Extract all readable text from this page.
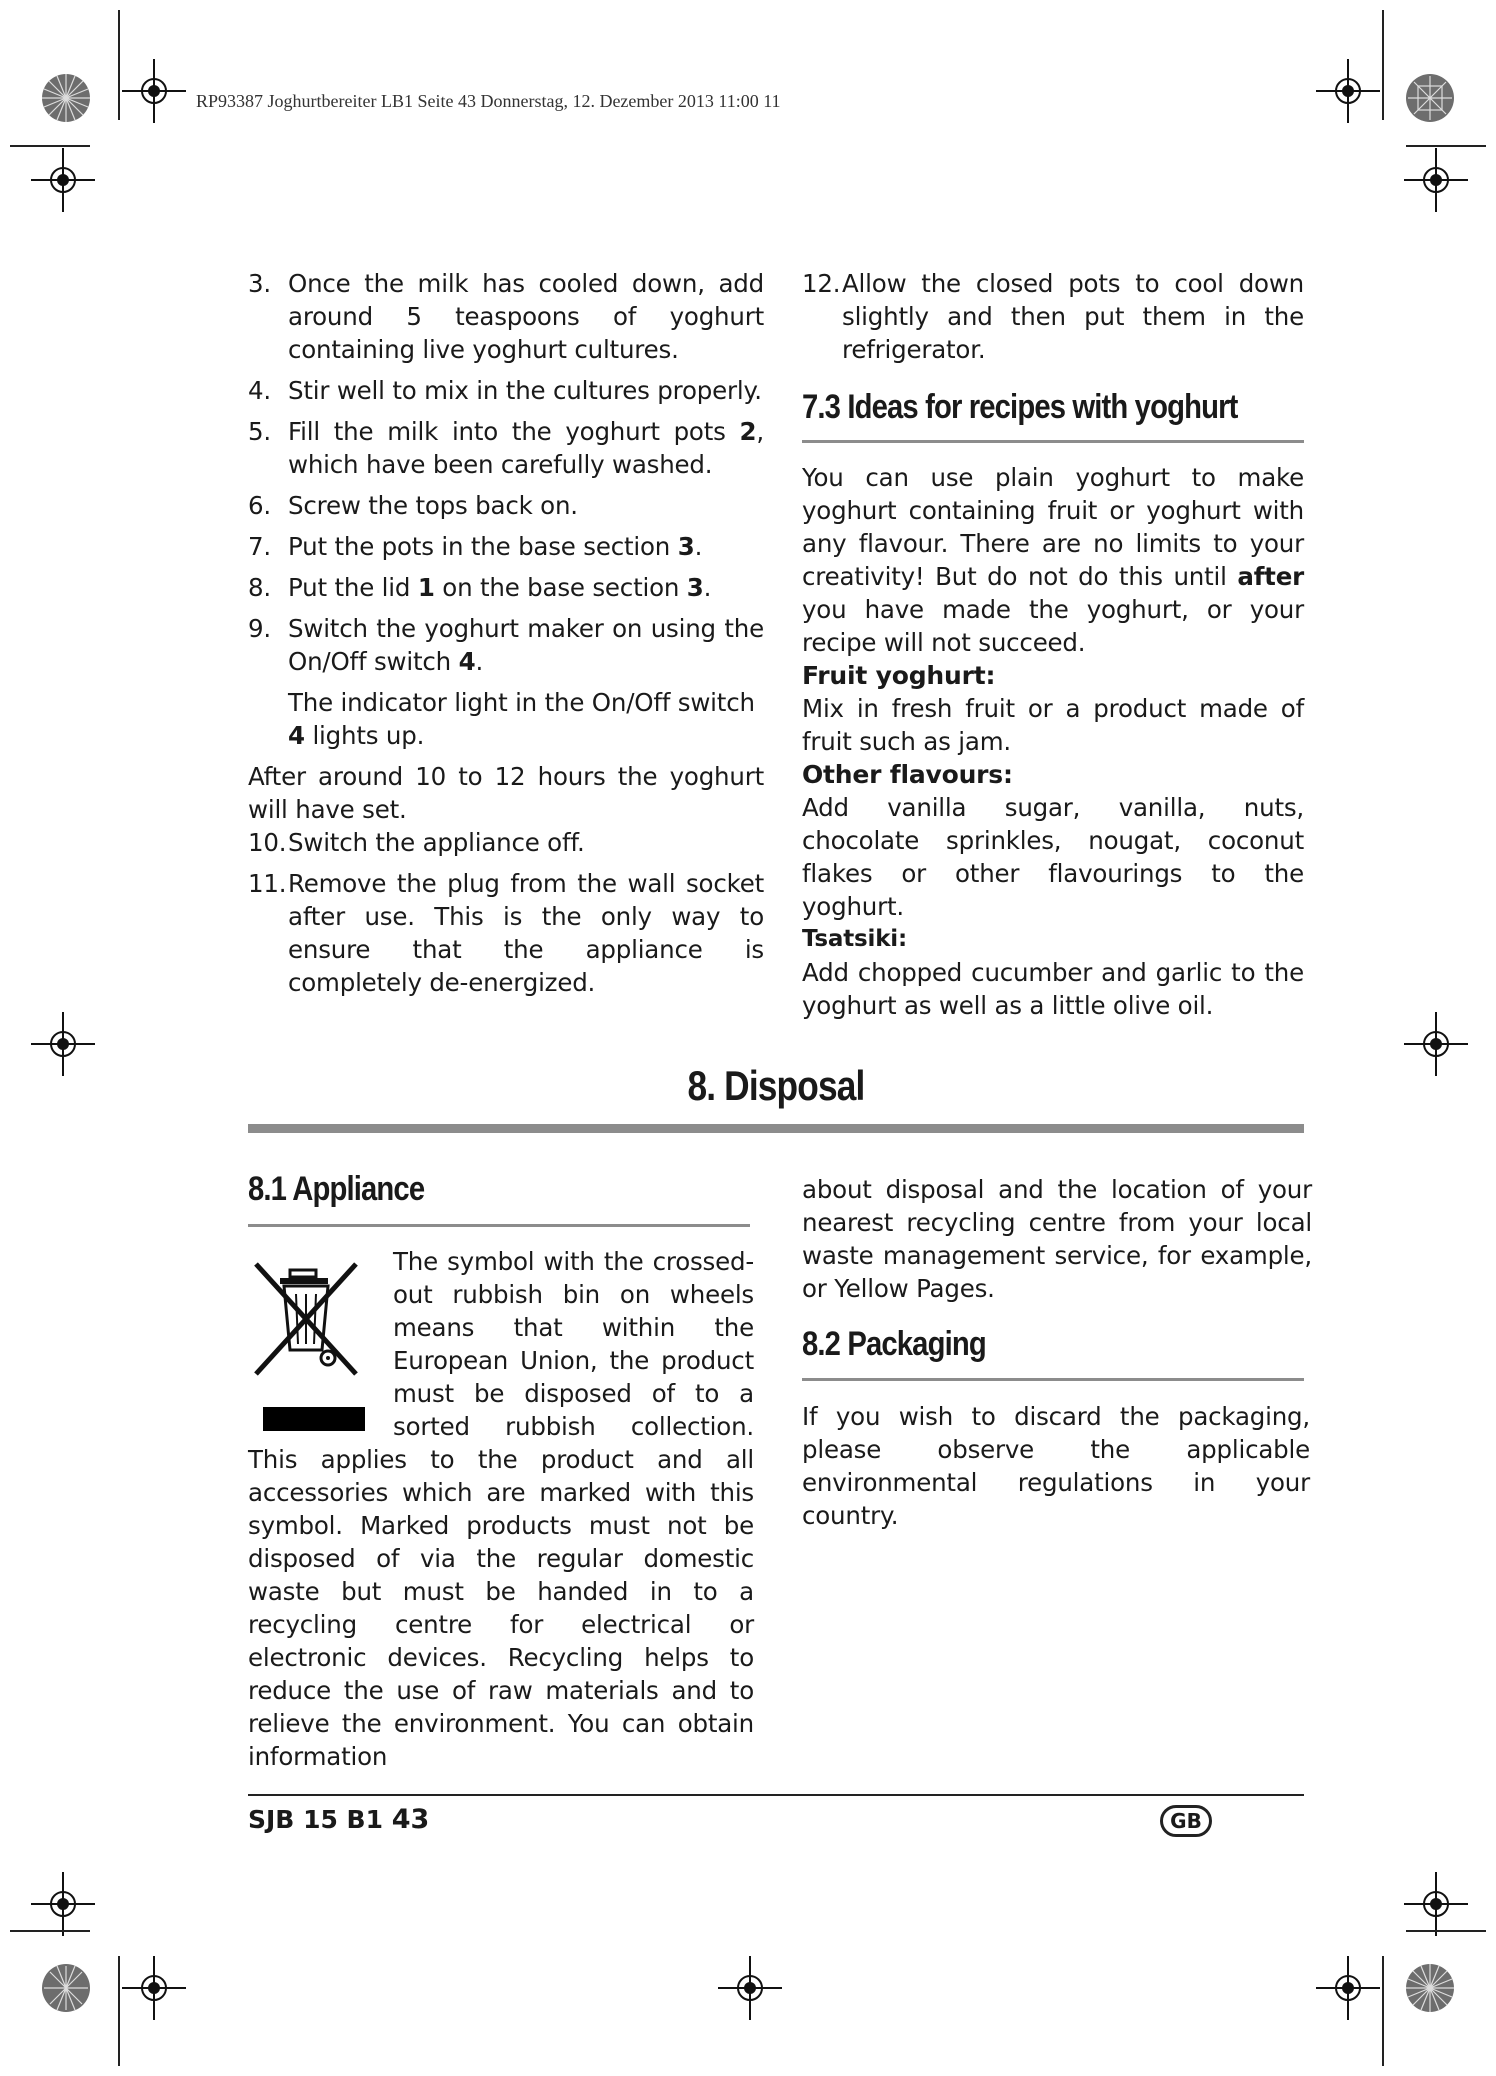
RP93387 Joghurtbereiter LB1 Seite 43 Donnerstag, 12. Dezember 2013 11:00 11
3. Once the milk has cooled down, add around 5 teaspoons of yoghurt containing live yoghurt cultures.
4. Stir well to mix in the cultures properly.
5. Fill the milk into the yoghurt pots 2, which have been carefully washed.
6. Screw the tops back on.
7. Put the pots in the base section 3.
8. Put the lid 1 on the base section 3.
9. Switch the yoghurt maker on using the On/Off switch 4.
The indicator light in the On/Off switch 4 lights up.

After around 10 to 12 hours the yoghurt will have set.

10. Switch the appliance off.
11. Remove the plug from the wall socket after use. This is the only way to ensure that the appliance is completely de-energized.
12. Allow the closed pots to cool down slightly and then put them in the refrigerator.
7.3 Ideas for recipes with yoghurt

You can use plain yoghurt to make yoghurt containing fruit or yoghurt with any flavour. There are no limits to your creativity! But do not do this until after you have made the yoghurt, or your recipe will not succeed.

Fruit yoghurt:

Mix in fresh fruit or a product made of fruit such as jam.

Other flavours:

Add vanilla sugar, vanilla, nuts, chocolate sprinkles, nougat, coconut flakes or other flavourings to the yoghurt.

Tsatsiki:

Add chopped cucumber and garlic to the yoghurt as well as a little olive oil.

8. Disposal
8.1 Appliance

The symbol with the crossed-out rubbish bin on wheels means that within the European Union, the product must be disposed of to a sorted rubbish collection. This applies to the product and all accessories which are marked with this symbol. Marked products must not be disposed of via the regular domestic waste but must be handed in to a recycling centre for electrical or electronic devices. Recycling helps to reduce the use of raw materials and to relieve the environment. You can obtain information

about disposal and the location of your nearest recycling centre from your local waste management service, for example, or Yellow Pages.

8.2 Packaging

If you wish to discard the packaging, please observe the applicable environmental regulations in your country.

SJB 15 B1 43	GB
